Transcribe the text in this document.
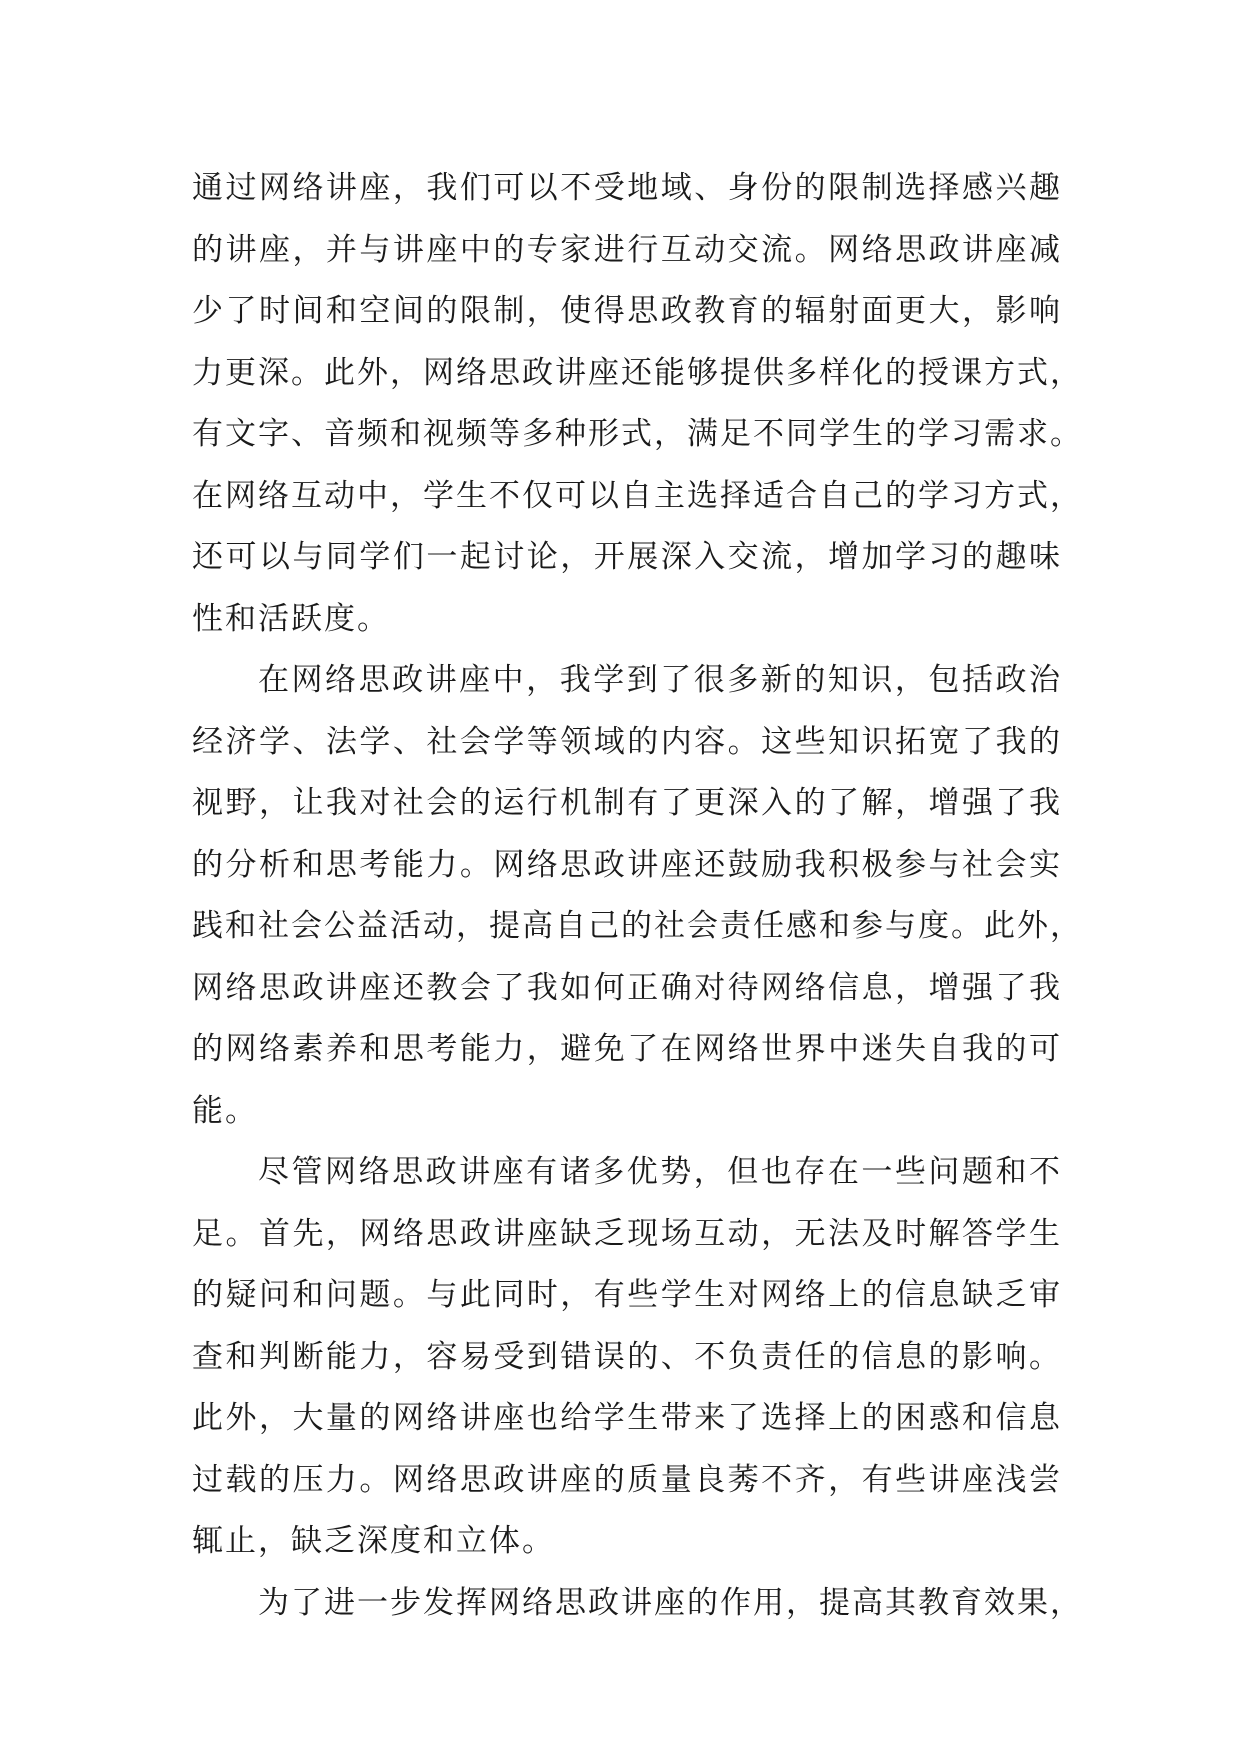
通过网络讲座，我们可以不受地域、身份的限制选择感兴趣
的讲座，并与讲座中的专家进行互动交流。网络思政讲座减
少了时间和空间的限制，使得思政教育的辐射面更大，影响
力更深。此外，网络思政讲座还能够提供多样化的授课方式，
有文字、音频和视频等多种形式，满足不同学生的学习需求。
在网络互动中，学生不仅可以自主选择适合自己的学习方式，
还可以与同学们一起讨论，开展深入交流，增加学习的趣味
性和活跃度。
在网络思政讲座中，我学到了很多新的知识，包括政治
经济学、法学、社会学等领域的内容。这些知识拓宽了我的
视野，让我对社会的运行机制有了更深入的了解，增强了我
的分析和思考能力。网络思政讲座还鼓励我积极参与社会实
践和社会公益活动，提高自己的社会责任感和参与度。此外，
网络思政讲座还教会了我如何正确对待网络信息，增强了我
的网络素养和思考能力，避免了在网络世界中迷失自我的可
能。
尽管网络思政讲座有诸多优势，但也存在一些问题和不
足。首先，网络思政讲座缺乏现场互动，无法及时解答学生
的疑问和问题。与此同时，有些学生对网络上的信息缺乏审
查和判断能力，容易受到错误的、不负责任的信息的影响。
此外，大量的网络讲座也给学生带来了选择上的困惑和信息
过载的压力。网络思政讲座的质量良莠不齐，有些讲座浅尝
辄止，缺乏深度和立体。
为了进一步发挥网络思政讲座的作用，提高其教育效果，
